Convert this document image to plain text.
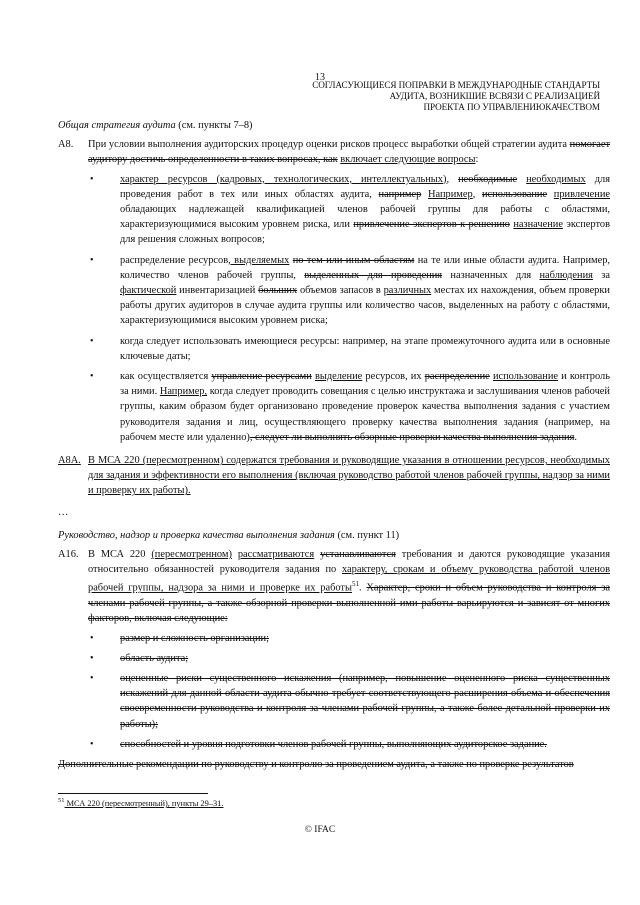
13
СОГЛАСУЮЩИЕСЯ ПОПРАВКИ В МЕЖДУНАРОДНЫЕ СТАНДАРТЫ
АУДИТА, ВОЗНИКШИЕ ВСВЯЗИ С РЕАЛИЗАЦИЕЙ
ПРОЕКТА ПО УПРАВЛЕНИЮКАЧЕСТВОМ

Общая стратегия аудита (см. пункты 7–8)

A8.	При условии выполнения аудиторских процедур оценки рисков процесс выработки общей стратегии аудита помогает аудитору достичь определенности в таких вопросах, как включает следующие вопросы:
•	характер ресурсов (кадровых, технологических, интеллектуальных), необходимые необходимых для проведения работ в тех или иных областях аудита, например Например, использование привлечение обладающих надлежащей квалификацией членов рабочей группы для работы с областями, характеризующимися высоким уровнем риска, или привлечение экспертов к решению назначение экспертов для решения сложных вопросов;
•	распределение ресурсов, выделяемых по тем или иным областям на те или иные области аудита. Например, количество членов рабочей группы, выделенных для проведения назначенных для наблюдения за фактической инвентаризацией больших объемов запасов в различных местах их нахождения, объем проверки работы других аудиторов в случае аудита группы или количество часов, выделенных на работу с областями, характеризующимися высоким уровнем риска;
•	когда следует использовать имеющиеся ресурсы: например, на этапе промежуточного аудита или в основные ключевые даты;
•	как осуществляется управление ресурсами выделение ресурсов, их распределение использование и контроль за ними. Например, когда следует проводить совещания с целью инструктажа и заслушивания членов рабочей группы, каким образом будет организовано проведение проверок качества выполнения задания с участием руководителя задания и лиц, осуществляющего проверку качества выполнения задания (например, на рабочем месте или удаленно), следует ли выполнять обзорные проверки качества выполнения задания.
A8A. В МСА 220 (пересмотренном) содержатся требования и руководящие указания в отношении ресурсов, необходимых для задания и эффективности его выполнения (включая руководство работой членов рабочей группы, надзор за ними и проверку их работы).
…

Руководство, надзор и проверка качества выполнения задания (см. пункт 11)

A16. В МСА 220 (пересмотренном) рассматриваются устанавливаются требования и даются руководящие указания относительно обязанностей руководителя задания по характеру, срокам и объему руководства работой членов рабочей группы, надзора за ними и проверке их работы$^{51}$. Характер, сроки и объем руководства и контроля за членами рабочей группы, а также обзорной проверки выполненной ими работы варьируются и зависят от многих факторов, включая следующие:
•	размер и сложность организации;
•	область аудита;
•	оцененные риски существенного искажения (например, повышение оцененного риска существенных искажений для данной области аудита обычно требует соответствующего расширения объема и обеспечения своевременности руководства и контроля за членами рабочей группы, а также более детальной проверки их работы);
•	способностей и уровня подготовки членов рабочей группы, выполняющих аудиторское задание.
Дополнительные рекомендации по руководству и контролю за проведением аудита, а также по проверке результатов
$^{51}$ МСА 220 (пересмотренный), пункты 29–31.
© IFAC
